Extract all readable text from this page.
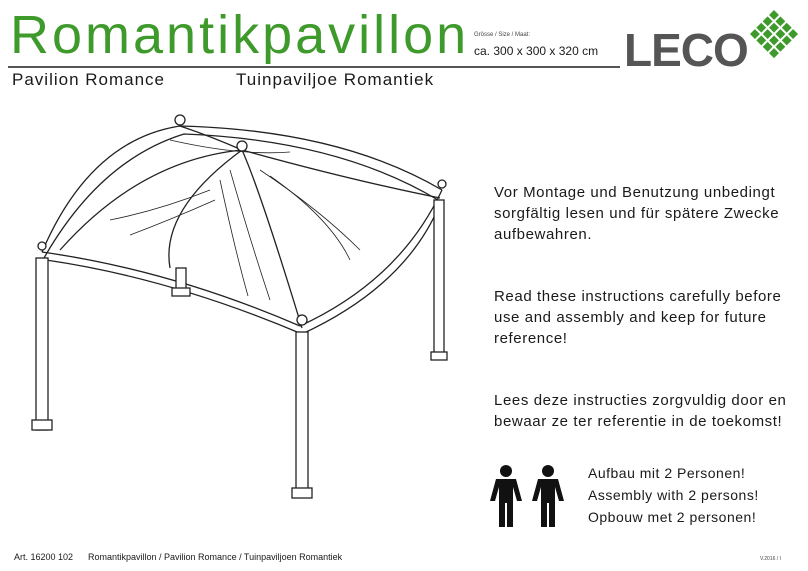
Romantikpavillon
Pavilion Romance	Tuinpaviljoe Romantiek
Grösse / Size / Maat:
ca. 300 x 300 x 320 cm LECO
Vor Montage und Benutzung unbedingt sorgfältig lesen und für spätere Zwecke aufbewahren.
Read these instructions carefully before use and assembly and keep for future reference!
Lees deze instructies zorgvuldig door en bewaar ze ter referentie in de toekomst!
Aufbau mit 2 Personen!
Assembly with 2 persons!
Opbouw met 2 personen!
Art. 16200 102 Romantikpavillon / Pavilion Romance / Tuinpaviljoen Romantiek	V.2016 / I
